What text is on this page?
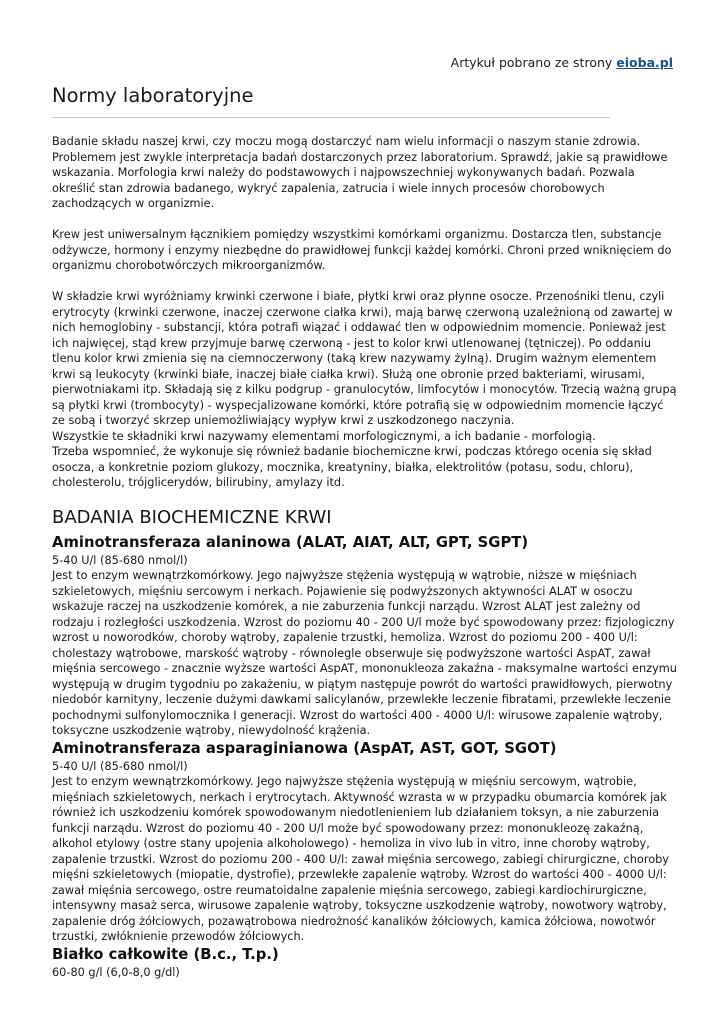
Artykuł pobrano ze strony eioba.pl
Normy laboratoryjne

Badanie składu naszej krwi, czy moczu mogą dostarczyć nam wielu informacji o naszym stanie zdrowia. Problemem jest zwykle interpretacja badań dostarczonych przez laboratorium. Sprawdź, jakie są prawidłowe wskazania. Morfologia krwi należy do podstawowych i najpowszechniej wykonywanych badań. Pozwala określić stan zdrowia badanego, wykryć zapalenia, zatrucia i wiele innych procesów chorobowych zachodzących w organizmie.

Krew jest uniwersalnym łącznikiem pomiędzy wszystkimi komórkami organizmu. Dostarcza tlen, substancje odżywcze, hormony i enzymy niezbędne do prawidłowej funkcji każdej komórki. Chroni przed wniknięciem do organizmu chorobotwórczych mikroorganizmów.

W składzie krwi wyróżniamy krwinki czerwone i białe, płytki krwi oraz płynne osocze. Przenośniki tlenu, czyli erytrocyty (krwinki czerwone, inaczej czerwone ciałka krwi), mają barwę czerwoną uzależnioną od zawartej w nich hemoglobiny - substancji, która potrafi wiązać i oddawać tlen w odpowiednim momencie. Ponieważ jest ich najwięcej, stąd krew przyjmuje barwę czerwoną - jest to kolor krwi utlenowanej (tętniczej). Po oddaniu tlenu kolor krwi zmienia się na ciemnoczerwony (taką krew nazywamy żylną). Drugim ważnym elementem krwi są leukocyty (krwinki białe, inaczej białe ciałka krwi). Służą one obronie przed bakteriami, wirusami, pierwotniakami itp. Składają się z kilku podgrup - granulocytów, limfocytów i monocytów. Trzecią ważną grupą są płytki krwi (trombocyty) - wyspecjalizowane komórki, które potrafią się w odpowiednim momencie łączyć ze sobą i tworzyć skrzep uniemożliwiający wypływ krwi z uszkodzonego naczynia.

Wszystkie te składniki krwi nazywamy elementami morfologicznymi, a ich badanie - morfologią.

Trzeba wspomnieć, że wykonuje się również badanie biochemiczne krwi, podczas którego ocenia się skład osocza, a konkretnie poziom glukozy, mocznika, kreatyniny, białka, elektrolitów (potasu, sodu, chloru), cholesterolu, trójglicerydów, bilirubiny, amylazy itd.

BADANIA BIOCHEMICZNE KRWI
Aminotransferaza alaninowa (ALAT, AIAT, ALT, GPT, SGPT)

5-40 U/l (85-680 nmol/l)

Jest to enzym wewnątrzkomórkowy. Jego najwyższe stężenia występują w wątrobie, niższe w mięśniach szkieletowych, mięśniu sercowym i nerkach. Pojawienie się podwyższonych aktywności ALAT w osoczu wskazuje raczej na uszkodzenie komórek, a nie zaburzenia funkcji narządu. Wzrost ALAT jest zależny od rodzaju i rozległości uszkodzenia. Wzrost do poziomu 40 - 200 U/l może być spowodowany przez: fizjologiczny wzrost u noworodków, choroby wątroby, zapalenie trzustki, hemoliza. Wzrost do poziomu 200 - 400 U/l: cholestazy wątrobowe, marskość wątroby - równolegle obserwuje się podwyższone wartości AspAT, zawał mięśnia sercowego - znacznie wyższe wartości AspAT, mononukleoza zakaźna - maksymalne wartości enzymu występują w drugim tygodniu po zakażeniu, w piątym następuje powrót do wartości prawidłowych, pierwotny niedobór karnityny, leczenie dużymi dawkami salicylanów, przewlekłe leczenie fibratami, przewlekłe leczenie pochodnymi sulfonylomocznika I generacji. Wzrost do wartości 400 - 4000 U/l: wirusowe zapalenie wątroby, toksyczne uszkodzenie wątroby, niewydolność krążenia.

Aminotransferaza asparaginianowa (AspAT, AST, GOT, SGOT)

5-40 U/l (85-680 nmol/l)

Jest to enzym wewnątrzkomórkowy. Jego najwyższe stężenia występują w mięśniu sercowym, wątrobie, mięśniach szkieletowych, nerkach i erytrocytach. Aktywność wzrasta w w przypadku obumarcia komórek jak również ich uszkodzeniu komórek spowodowanym niedotlenieniem lub działaniem toksyn, a nie zaburzenia funkcji narządu. Wzrost do poziomu 40 - 200 U/l może być spowodowany przez: mononukleozę zakaźną, alkohol etylowy (ostre stany upojenia alkoholowego) - hemoliza in vivo lub in vitro, inne choroby wątroby, zapalenie trzustki. Wzrost do poziomu 200 - 400 U/l: zawał mięśnia sercowego, zabiegi chirurgiczne, choroby mięśni szkieletowych (miopatie, dystrofie), przewlekłe zapalenie wątroby. Wzrost do wartości 400 - 4000 U/l: zawał mięśnia sercowego, ostre reumatoidalne zapalenie mięśnia sercowego, zabiegi kardiochirurgiczne, intensywny masaż serca, wirusowe zapalenie wątroby, toksyczne uszkodzenie wątroby, nowotwory wątroby, zapalenie dróg żółciowych, pozawątrobowa niedrożność kanalików żółciowych, kamica żółciowa, nowotwór trzustki, zwłóknienie przewodów żółciowych.

Białko całkowite (B.c., T.p.)

60-80 g/l (6,0-8,0 g/dl)
